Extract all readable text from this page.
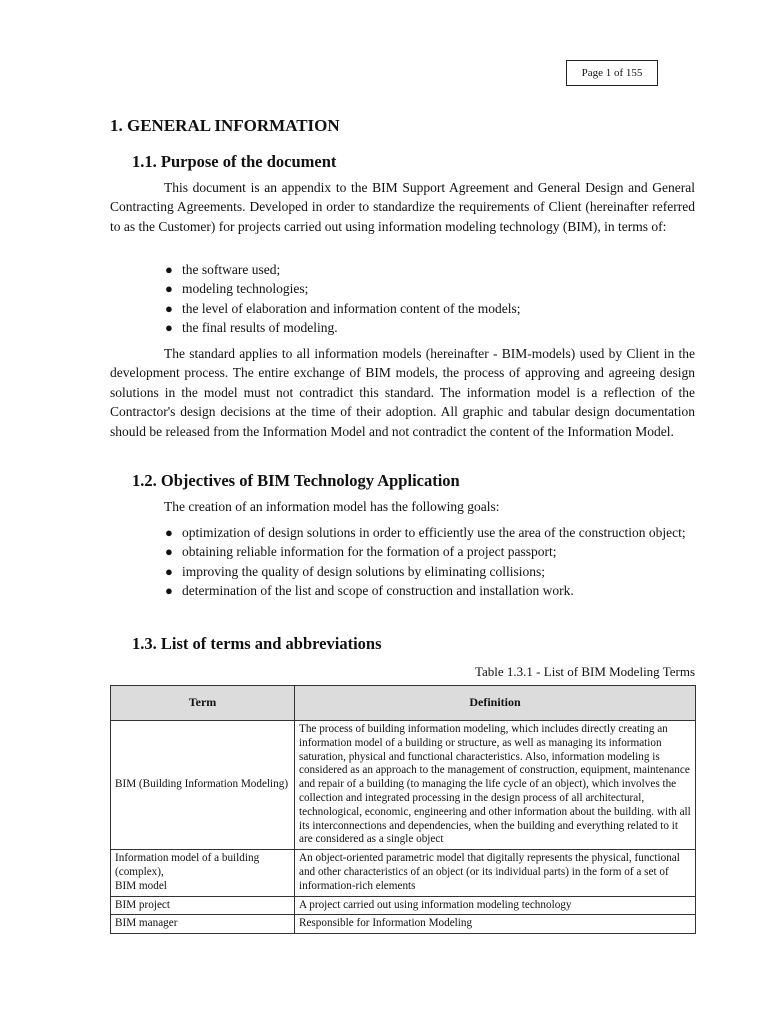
Page 1 of 155
1. GENERAL INFORMATION
1.1. Purpose of the document

This document is an appendix to the BIM Support Agreement and General Design and General Contracting Agreements. Developed in order to standardize the requirements of Client (hereinafter referred to as the Customer) for projects carried out using information modeling technology (BIM), in terms of:

● the software used;
● modeling technologies;
● the level of elaboration and information content of the models;
● the final results of modeling.

The standard applies to all information models (hereinafter - BIM-models) used by Client in the development process. The entire exchange of BIM models, the process of approving and agreeing design solutions in the model must not contradict this standard. The information model is a reflection of the Contractor's design decisions at the time of their adoption. All graphic and tabular design documentation should be released from the Information Model and not contradict the content of the Information Model.

1.2. Objectives of BIM Technology Application

The creation of an information model has the following goals:

● optimization of design solutions in order to efficiently use the area of the construction object;
● obtaining reliable information for the formation of a project passport;
● improving the quality of design solutions by eliminating collisions;
● determination of the list and scope of construction and installation work.
1.3. List of terms and abbreviations
Table 1.3.1 - List of BIM Modeling Terms
Term	Definition
BIM (Building Information Modeling)	The process of building information modeling, which includes directly creating an information model of a building or structure, as well as managing its information saturation, physical and functional characteristics. Also, information modeling is considered as an approach to the management of construction, equipment, maintenance and repair of a building (to managing the life cycle of an object), which involves the collection and integrated processing in the design process of all architectural, technological, economic, engineering and other information about the building. with all its interconnections and dependencies, when the building and everything related to it are considered as a single object
Information model of a building (complex),
BIM model	An object-oriented parametric model that digitally represents the physical, functional and other characteristics of an object (or its individual parts) in the form of a set of information-rich elements
BIM project	A project carried out using information modeling technology
BIM manager	Responsible for Information Modeling
